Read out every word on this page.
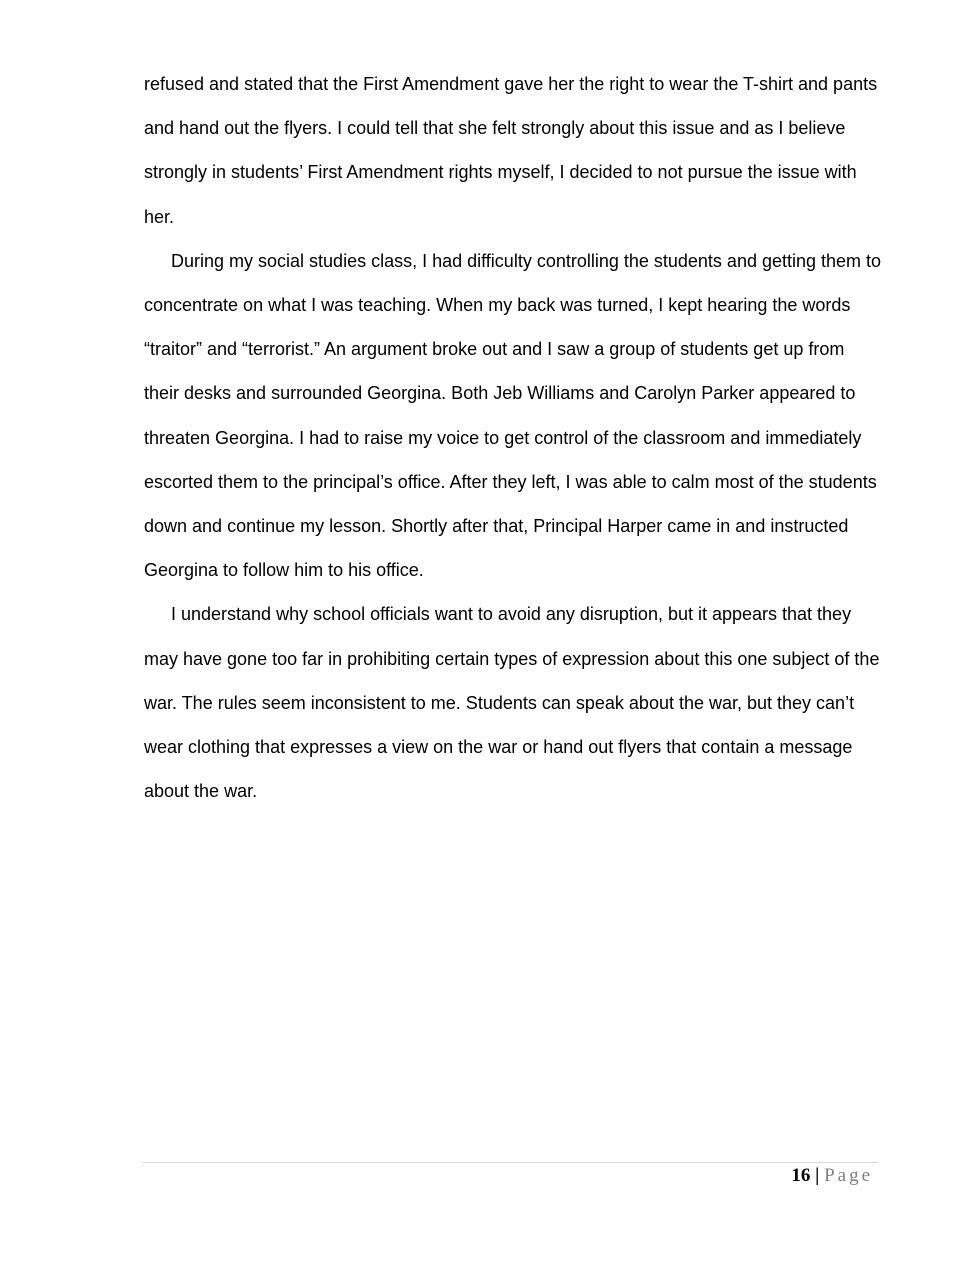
refused and stated that the First Amendment gave her the right to wear the T-shirt and pants and hand out the flyers. I could tell that she felt strongly about this issue and as I believe strongly in students’ First Amendment rights myself, I decided to not pursue the issue with her.

During my social studies class, I had difficulty controlling the students and getting them to concentrate on what I was teaching. When my back was turned, I kept hearing the words “traitor” and “terrorist.” An argument broke out and I saw a group of students get up from their desks and surrounded Georgina. Both Jeb Williams and Carolyn Parker appeared to threaten Georgina. I had to raise my voice to get control of the classroom and immediately escorted them to the principal’s office. After they left, I was able to calm most of the students down and continue my lesson. Shortly after that, Principal Harper came in and instructed Georgina to follow him to his office.

I understand why school officials want to avoid any disruption, but it appears that they may have gone too far in prohibiting certain types of expression about this one subject of the war. The rules seem inconsistent to me. Students can speak about the war, but they can’t wear clothing that expresses a view on the war or hand out flyers that contain a message about the war.

16 | Page
